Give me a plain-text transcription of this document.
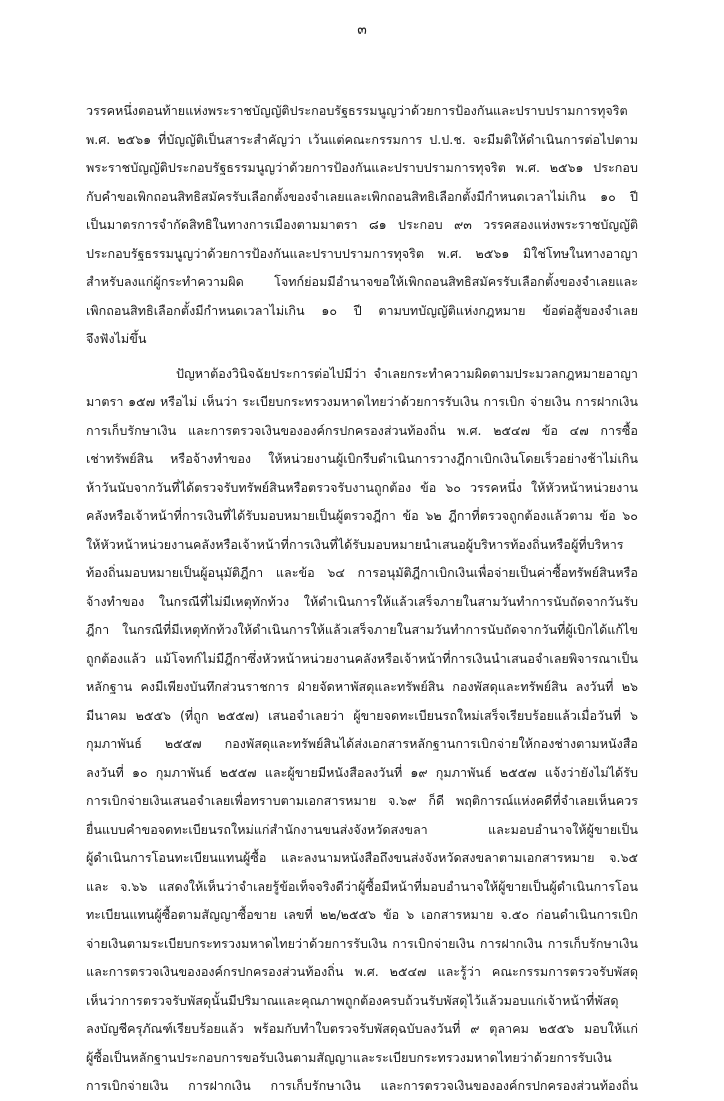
๓
วรรคหนึ่งตอนท้ายแห่งพระราชบัญญัติประกอบรัฐธรรมนูญว่าด้วยการป้องกันและปราบปรามการทุจริต
พ.ศ. ๒๕๖๑ ที่บัญญัติเป็นสาระสำคัญว่า เว้นแต่คณะกรรมการ ป.ป.ช. จะมีมติให้ดำเนินการต่อไปตาม
พระราชบัญญัติประกอบรัฐธรรมนูญว่าด้วยการป้องกันและปราบปรามการทุจริต พ.ศ. ๒๕๖๑ ประกอบ
กับคำขอเพิกถอนสิทธิสมัครรับเลือกตั้งของจำเลยและเพิกถอนสิทธิเลือกตั้งมีกำหนดเวลาไม่เกิน ๑๐ ปี
เป็นมาตรการจำกัดสิทธิในทางการเมืองตามมาตรา ๘๑ ประกอบ ๙๓ วรรคสองแห่งพระราชบัญญัติ
ประกอบรัฐธรรมนูญว่าด้วยการป้องกันและปราบปรามการทุจริต พ.ศ. ๒๕๖๑ มิใช่โทษในทางอาญา
สำหรับลงแก่ผู้กระทำความผิด โจทก์ย่อมมีอำนาจขอให้เพิกถอนสิทธิสมัครรับเลือกตั้งของจำเลยและ
เพิกถอนสิทธิเลือกตั้งมีกำหนดเวลาไม่เกิน ๑๐ ปี ตามบทบัญญัติแห่งกฎหมาย ข้อต่อสู้ของจำเลย
จึงฟังไม่ขึ้น
ปัญหาต้องวินิจฉัยประการต่อไปมีว่า จำเลยกระทำความผิดตามประมวลกฎหมายอาญา
มาตรา ๑๕๗ หรือไม่ เห็นว่า ระเบียบกระทรวงมหาดไทยว่าด้วยการรับเงิน การเบิก จ่ายเงิน การฝากเงิน
การเก็บรักษาเงิน และการตรวจเงินขององค์กรปกครองส่วนท้องถิ่น พ.ศ. ๒๕๔๗ ข้อ ๔๗ การซื้อ
เช่าทรัพย์สิน หรือจ้างทำของ ให้หน่วยงานผู้เบิกรีบดำเนินการวางฎีกาเบิกเงินโดยเร็วอย่างช้าไม่เกิน
ห้าวันนับจากวันที่ได้ตรวจรับทรัพย์สินหรือตรวจรับงานถูกต้อง ข้อ ๖๐ วรรคหนึ่ง ให้หัวหน้าหน่วยงาน
คลังหรือเจ้าหน้าที่การเงินที่ได้รับมอบหมายเป็นผู้ตรวจฎีกา ข้อ ๖๒ ฎีกาที่ตรวจถูกต้องแล้วตาม ข้อ ๖๐
ให้หัวหน้าหน่วยงานคลังหรือเจ้าหน้าที่การเงินที่ได้รับมอบหมายนำเสนอผู้บริหารท้องถิ่นหรือผู้ที่บริหาร
ท้องถิ่นมอบหมายเป็นผู้อนุมัติฎีกา และข้อ ๖๔ การอนุมัติฎีกาเบิกเงินเพื่อจ่ายเป็นค่าซื้อทรัพย์สินหรือ
จ้างทำของ ในกรณีที่ไม่มีเหตุทักท้วง ให้ดำเนินการให้แล้วเสร็จภายในสามวันทำการนับถัดจากวันรับ
ฎีกา ในกรณีที่มีเหตุทักท้วงให้ดำเนินการให้แล้วเสร็จภายในสามวันทำการนับถัดจากวันที่ผู้เบิกได้แก้ไข
ถูกต้องแล้ว แม้โจทก์ไม่มีฎีกาซึ่งหัวหน้าหน่วยงานคลังหรือเจ้าหน้าที่การเงินนำเสนอจำเลยพิจารณาเป็น
หลักฐาน คงมีเพียงบันทึกส่วนราชการ ฝ่ายจัดหาพัสดุและทรัพย์สิน กองพัสดุและทรัพย์สิน ลงวันที่ ๒๖
มีนาคม ๒๕๕๖ (ที่ถูก ๒๕๕๗) เสนอจำเลยว่า ผู้ขายจดทะเบียนรถใหม่เสร็จเรียบร้อยแล้วเมื่อวันที่ ๖
กุมภาพันธ์ ๒๕๕๗ กองพัสดุและทรัพย์สินได้ส่งเอกสารหลักฐานการเบิกจ่ายให้กองช่างตามหนังสือ
ลงวันที่ ๑๐ กุมภาพันธ์ ๒๕๕๗ และผู้ขายมีหนังสือลงวันที่ ๑๙ กุมภาพันธ์ ๒๕๕๗ แจ้งว่ายังไม่ได้รับ
การเบิกจ่ายเงินเสนอจำเลยเพื่อทราบตามเอกสารหมาย จ.๖๙ ก็ดี พฤติการณ์แห่งคดีที่จำเลยเห็นควร
ยื่นแบบคำขอจดทะเบียนรถใหม่แก่สำนักงานขนส่งจังหวัดสงขลา และมอบอำนาจให้ผู้ขายเป็น
ผู้ดำเนินการโอนทะเบียนแทนผู้ซื้อ และลงนามหนังสือถึงขนส่งจังหวัดสงขลาตามเอกสารหมาย จ.๖๕
และ จ.๖๖ แสดงให้เห็นว่าจำเลยรู้ข้อเท็จจริงดีว่าผู้ซื้อมีหน้าที่มอบอำนาจให้ผู้ขายเป็นผู้ดำเนินการโอน
ทะเบียนแทนผู้ซื้อตามสัญญาซื้อขาย เลขที่ ๒๒/๒๕๕๖ ข้อ ๖ เอกสารหมาย จ.๕๐ ก่อนดำเนินการเบิก
จ่ายเงินตามระเบียบกระทรวงมหาดไทยว่าด้วยการรับเงิน การเบิกจ่ายเงิน การฝากเงิน การเก็บรักษาเงิน
และการตรวจเงินขององค์กรปกครองส่วนท้องถิ่น พ.ศ. ๒๕๔๗ และรู้ว่า คณะกรรมการตรวจรับพัสดุ
เห็นว่าการตรวจรับพัสดุนั้นมีปริมาณและคุณภาพถูกต้องครบถ้วนรับพัสดุไว้แล้วมอบแก่เจ้าหน้าที่พัสดุ
ลงบัญชีครุภัณฑ์เรียบร้อยแล้ว พร้อมกับทำใบตรวจรับพัสดุฉบับลงวันที่ ๙ ตุลาคม ๒๕๕๖ มอบให้แก่
ผู้ซื้อเป็นหลักฐานประกอบการขอรับเงินตามสัญญาและระเบียบกระทรวงมหาดไทยว่าด้วยการรับเงิน
การเบิกจ่ายเงิน การฝากเงิน การเก็บรักษาเงิน และการตรวจเงินขององค์กรปกครองส่วนท้องถิ่น
